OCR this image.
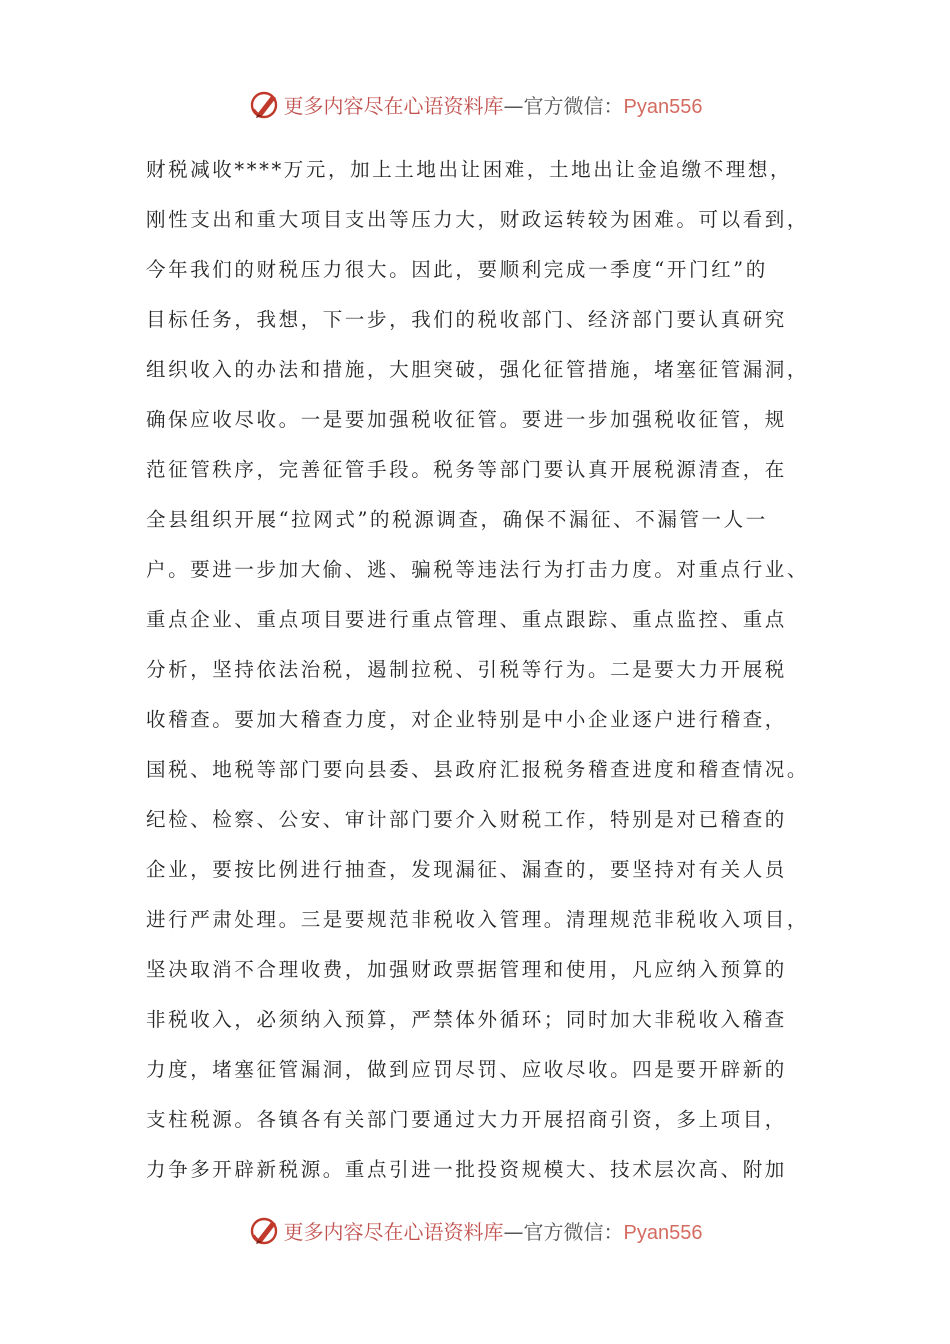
更多内容尽在心语资料库 — 官方微信： Pyan556
财税减收****万元，加上土地出让困难，土地出让金追缴不理想，
刚性支出和重大项目支出等压力大，财政运转较为困难。可以看到，
今年我们的财税压力很大。因此，要顺利完成一季度“开门红”的
目标任务，我想，下一步，我们的税收部门、经济部门要认真研究
组织收入的办法和措施，大胆突破，强化征管措施，堵塞征管漏洞，
确保应收尽收。一是要加强税收征管。要进一步加强税收征管，规
范征管秩序，完善征管手段。税务等部门要认真开展税源清查，在
全县组织开展“拉网式”的税源调查，确保不漏征、不漏管一人一
户。要进一步加大偷、逃、骗税等违法行为打击力度。对重点行业、
重点企业、重点项目要进行重点管理、重点跟踪、重点监控、重点
分析，坚持依法治税，遏制拉税、引税等行为。二是要大力开展税
收稽查。要加大稽查力度，对企业特别是中小企业逐户进行稽查，
国税、地税等部门要向县委、县政府汇报税务稽查进度和稽查情况。
纪检、检察、公安、审计部门要介入财税工作，特别是对已稽查的
企业，要按比例进行抽查，发现漏征、漏查的，要坚持对有关人员
进行严肃处理。三是要规范非税收入管理。清理规范非税收入项目，
坚决取消不合理收费，加强财政票据管理和使用，凡应纳入预算的
非税收入，必须纳入预算，严禁体外循环；同时加大非税收入稽查
力度，堵塞征管漏洞，做到应罚尽罚、应收尽收。四是要开辟新的
支柱税源。各镇各有关部门要通过大力开展招商引资，多上项目，
力争多开辟新税源。重点引进一批投资规模大、技术层次高、附加
更多内容尽在心语资料库 — 官方微信： Pyan556
